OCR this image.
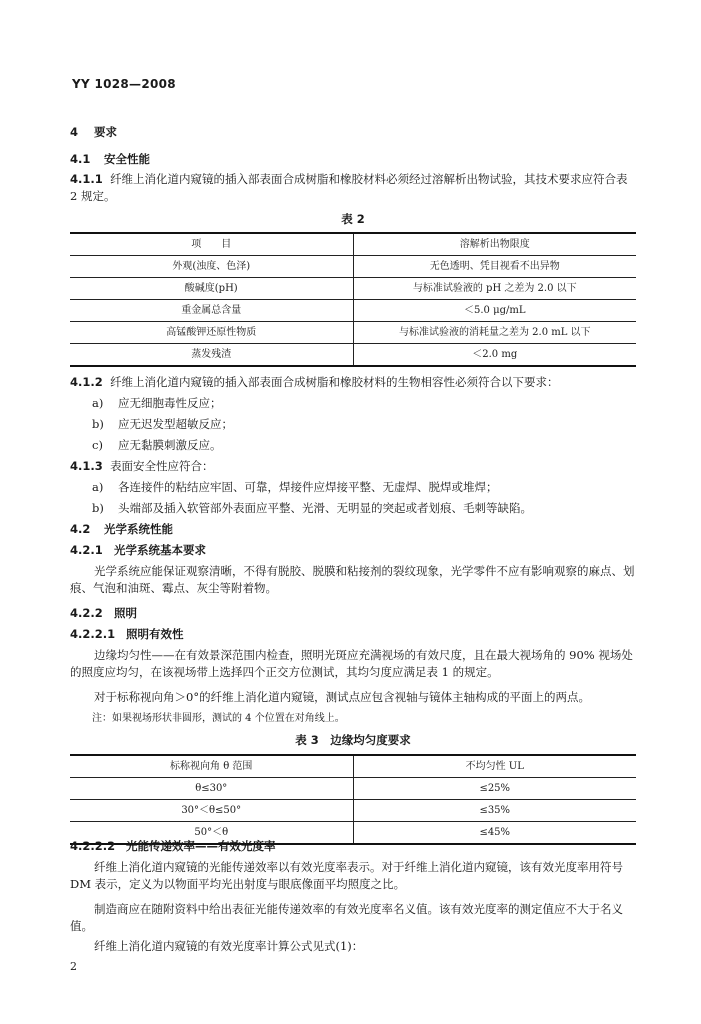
YY 1028—2008
4 要求
4.1 安全性能
4.1.1 纤维上消化道内窥镜的插入部表面合成树脂和橡胶材料必须经过溶解析出物试验，其技术要求应符合表 2 规定。
表 2
项　　目	溶解析出物限度
外观(浊度、色泽)	无色透明、凭目视看不出异物
酸碱度(pH)	与标准试验液的 pH 之差为 2.0 以下
重金属总含量	＜5.0 μg/mL
高锰酸钾还原性物质	与标准试验液的消耗量之差为 2.0 mL 以下
蒸发残渣	＜2.0 mg
4.1.2 纤维上消化道内窥镜的插入部表面合成树脂和橡胶材料的生物相容性必须符合以下要求：
a) 应无细胞毒性反应；
b) 应无迟发型超敏反应；
c) 应无黏膜刺激反应。
4.1.3 表面安全性应符合：
a) 各连接件的粘结应牢固、可靠，焊接件应焊接平整、无虚焊、脱焊或堆焊；
b) 头端部及插入软管部外表面应平整、光滑、无明显的突起或者划痕、毛刺等缺陷。
4.2 光学系统性能
4.2.1 光学系统基本要求
光学系统应能保证观察清晰，不得有脱胶、脱膜和粘接剂的裂纹现象，光学零件不应有影响观察的麻点、划痕、气泡和油斑、霉点、灰尘等附着物。
4.2.2 照明
4.2.2.1 照明有效性
边缘均匀性——在有效景深范围内检查，照明光斑应充满视场的有效尺度，且在最大视场角的 90% 视场处的照度应均匀，在该视场带上选择四个正交方位测试，其均匀度应满足表 1 的规定。
对于标称视向角＞0°的纤维上消化道内窥镜，测试点应包含视轴与镜体主轴构成的平面上的两点。
注：如果视场形状非圆形，测试的 4 个位置在对角线上。
表 3　边缘均匀度要求
标称视向角 θ 范围	不均匀性 UL
θ≤30°	≤25%
30°＜θ≤50°	≤35%
50°＜θ	≤45%
4.2.2.2 光能传递效率——有效光度率
纤维上消化道内窥镜的光能传递效率以有效光度率表示。对于纤维上消化道内窥镜，该有效光度率用符号 DM 表示，定义为以物面平均光出射度与眼底像面平均照度之比。
制造商应在随附资料中给出表征光能传递效率的有效光度率名义值。该有效光度率的测定值应不大于名义值。
纤维上消化道内窥镜的有效光度率计算公式见式(1)：
2
